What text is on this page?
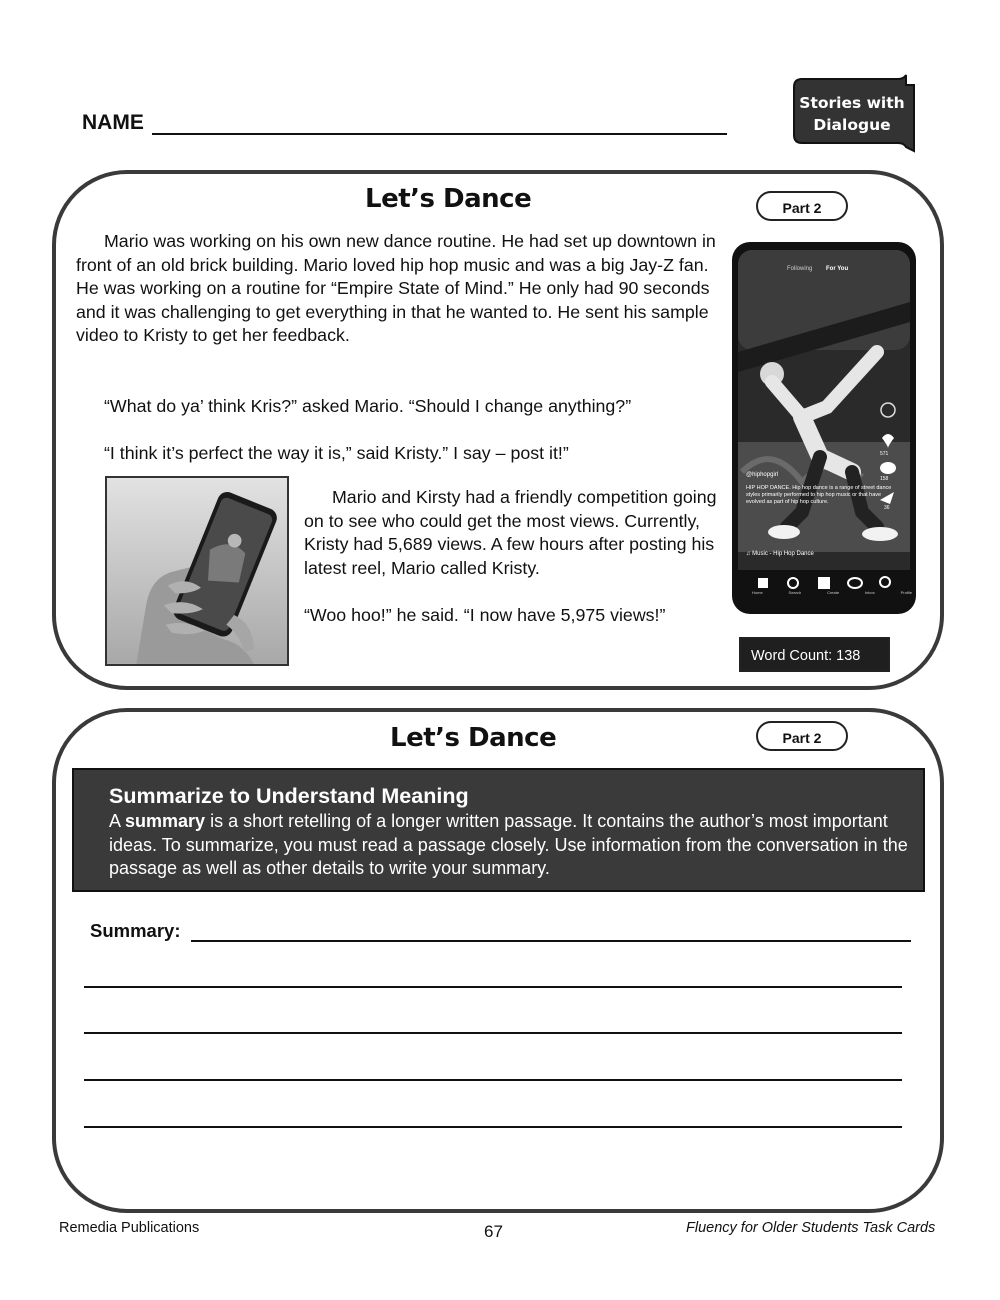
NAME
Stories with
Dialogue
Let’s Dance	Part 2
Mario was working on his own new dance routine. He had set up downtown in front of an old brick building. Mario loved hip hop music and was a big Jay-Z fan. He was working on a routine for “Empire State of Mind.” He only had 90 seconds and it was challenging to get everything in that he wanted to. He sent his sample video to Kristy to get her feedback.
“What do ya’ think Kris?” asked Mario. “Should I change anything?”
“I think it’s perfect the way it is,” said Kristy.” I say – post it!”
Mario and Kirsty had a friendly competition going on to see who could get the most views. Currently, Kristy had 5,689 views. A few hours after posting his latest reel, Mario called Kristy.
“Woo hoo!” he said. “I now have 5,975 views!”
Following For You
@hiphopgirl
HIP HOP DANCE. Hip hop dance is a range of street dance styles primarily performed to hip hop music or that have evolved as part of hip hop culture.
♫ Music - Hip Hop Dance
571
158
36
Home	Search	Create	Inbox	Profile
Word Count: 138
Let’s Dance	Part 2
Summarize to Understand Meaning
A summary is a short retelling of a longer written passage. It contains the author’s most important ideas. To summarize, you must read a passage closely. Use information from the conversation in the passage as well as other details to write your summary.
Summary:
Remedia Publications	67	Fluency for Older Students Task Cards
